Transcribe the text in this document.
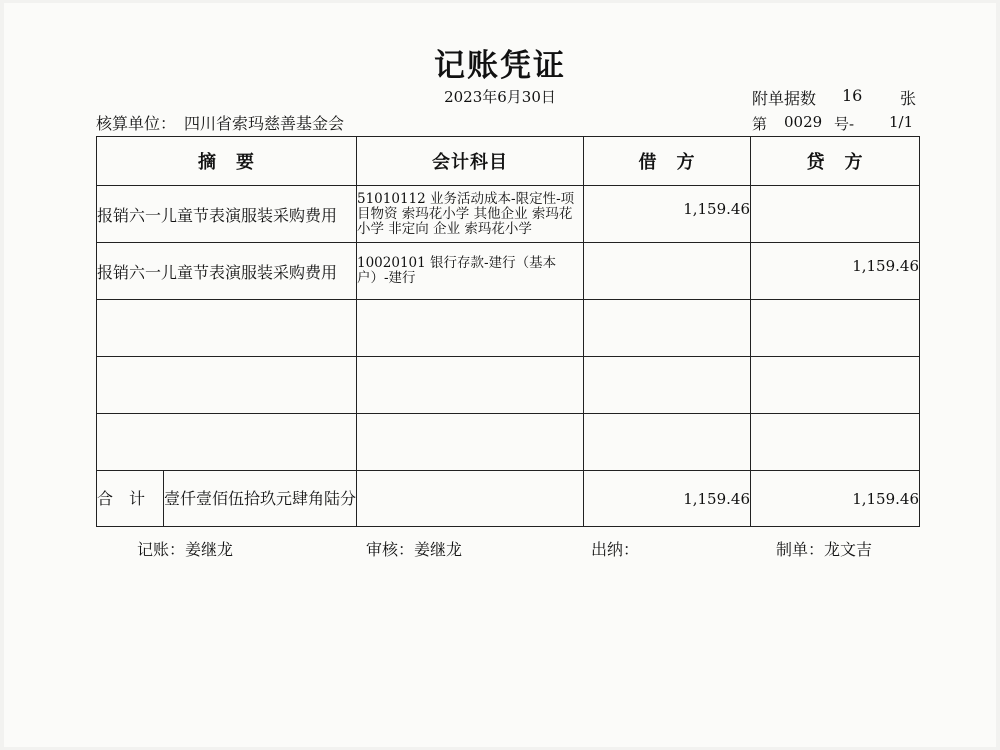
记账凭证
2023年6月30日	附单据数 16 张
核算单位： 四川省索玛慈善基金会	第 0029 号- 1/1
摘　要	会计科目	借　方	贷　方
报销六一儿童节表演服装采购费用	51010112 业务活动成本-限定性-项目物资 索玛花小学 其他企业 索玛花小学 非定向 企业 索玛花小学	1,159.46	

报销六一儿童节表演服装采购费用	10020101 银行存款-建行（基本户）-建行		1,159.46

合　计 壹仟壹佰伍拾玖元肆角陆分		1,159.46	1,159.46
记账：姜继龙	审核：姜继龙	出纳：	制单：龙文吉
